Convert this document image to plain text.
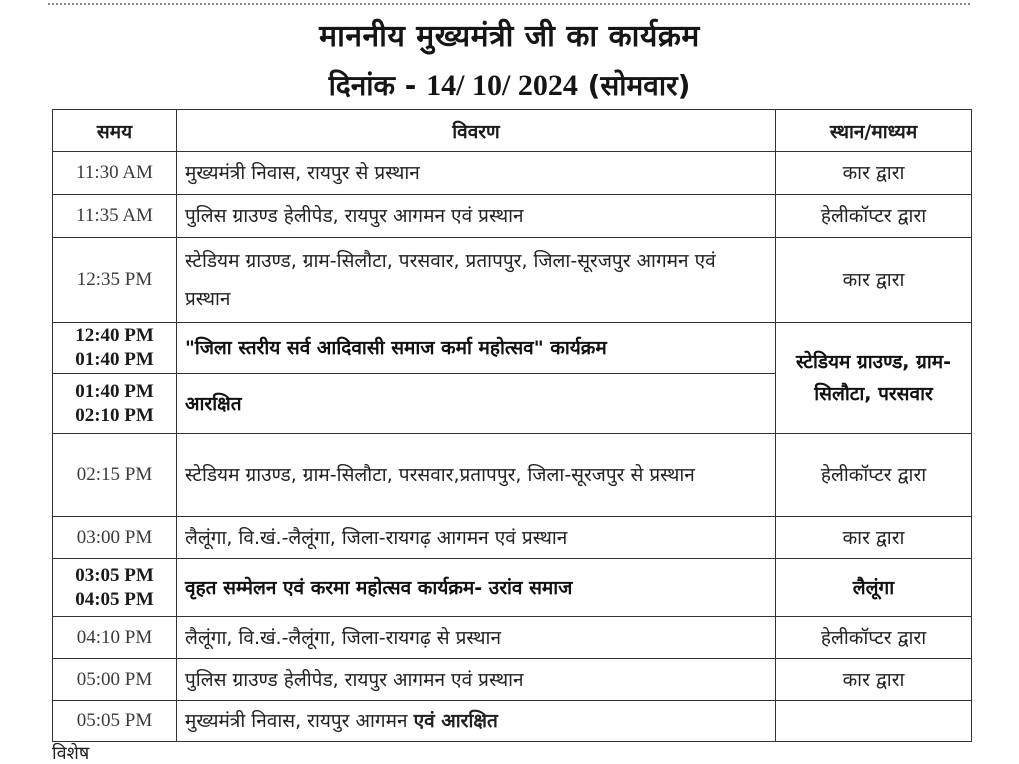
माननीय मुख्यमंत्री जी का कार्यक्रम
दिनांक - 14/ 10/ 2024 (सोमवार)
समय	विवरण	स्थान/माध्यम
11:30 AM	मुख्यमंत्री निवास, रायपुर से प्रस्थान	कार द्वारा
11:35 AM	पुलिस ग्राउण्ड हेलीपेड, रायपुर आगमन एवं प्रस्थान	हेलीकॉप्टर द्वारा
12:35 PM	स्टेडियम ग्राउण्ड, ग्राम-सिलौटा, परसवार, प्रतापपुर, जिला-सूरजपुर आगमन एवं प्रस्थान	कार द्वारा

12:40 PM
01:40 PM	"जिला स्तरीय सर्व आदिवासी समाज कर्मा महोत्सव" कार्यक्रम	स्टेडियम ग्राउण्ड, ग्राम-सिलौटा, परसवार

01:40 PM
02:10 PM	आरक्षित	
02:15 PM	स्टेडियम ग्राउण्ड, ग्राम-सिलौटा, परसवार,प्रतापपुर, जिला-सूरजपुर से प्रस्थान	हेलीकॉप्टर द्वारा
03:00 PM	लैलूंगा, वि.खं.-लैलूंगा, जिला-रायगढ़ आगमन एवं प्रस्थान	कार द्वारा

03:05 PM
04:05 PM	वृहत सम्मेलन एवं करमा महोत्सव कार्यक्रम- उरांव समाज	लैलूंगा
04:10 PM	लैलूंगा, वि.खं.-लैलूंगा, जिला-रायगढ़ से प्रस्थान	हेलीकॉप्टर द्वारा
05:00 PM	पुलिस ग्राउण्ड हेलीपेड, रायपुर आगमन एवं प्रस्थान	कार द्वारा
05:05 PM	मुख्यमंत्री निवास, रायपुर आगमन एवं आरक्षित	
विशेष
